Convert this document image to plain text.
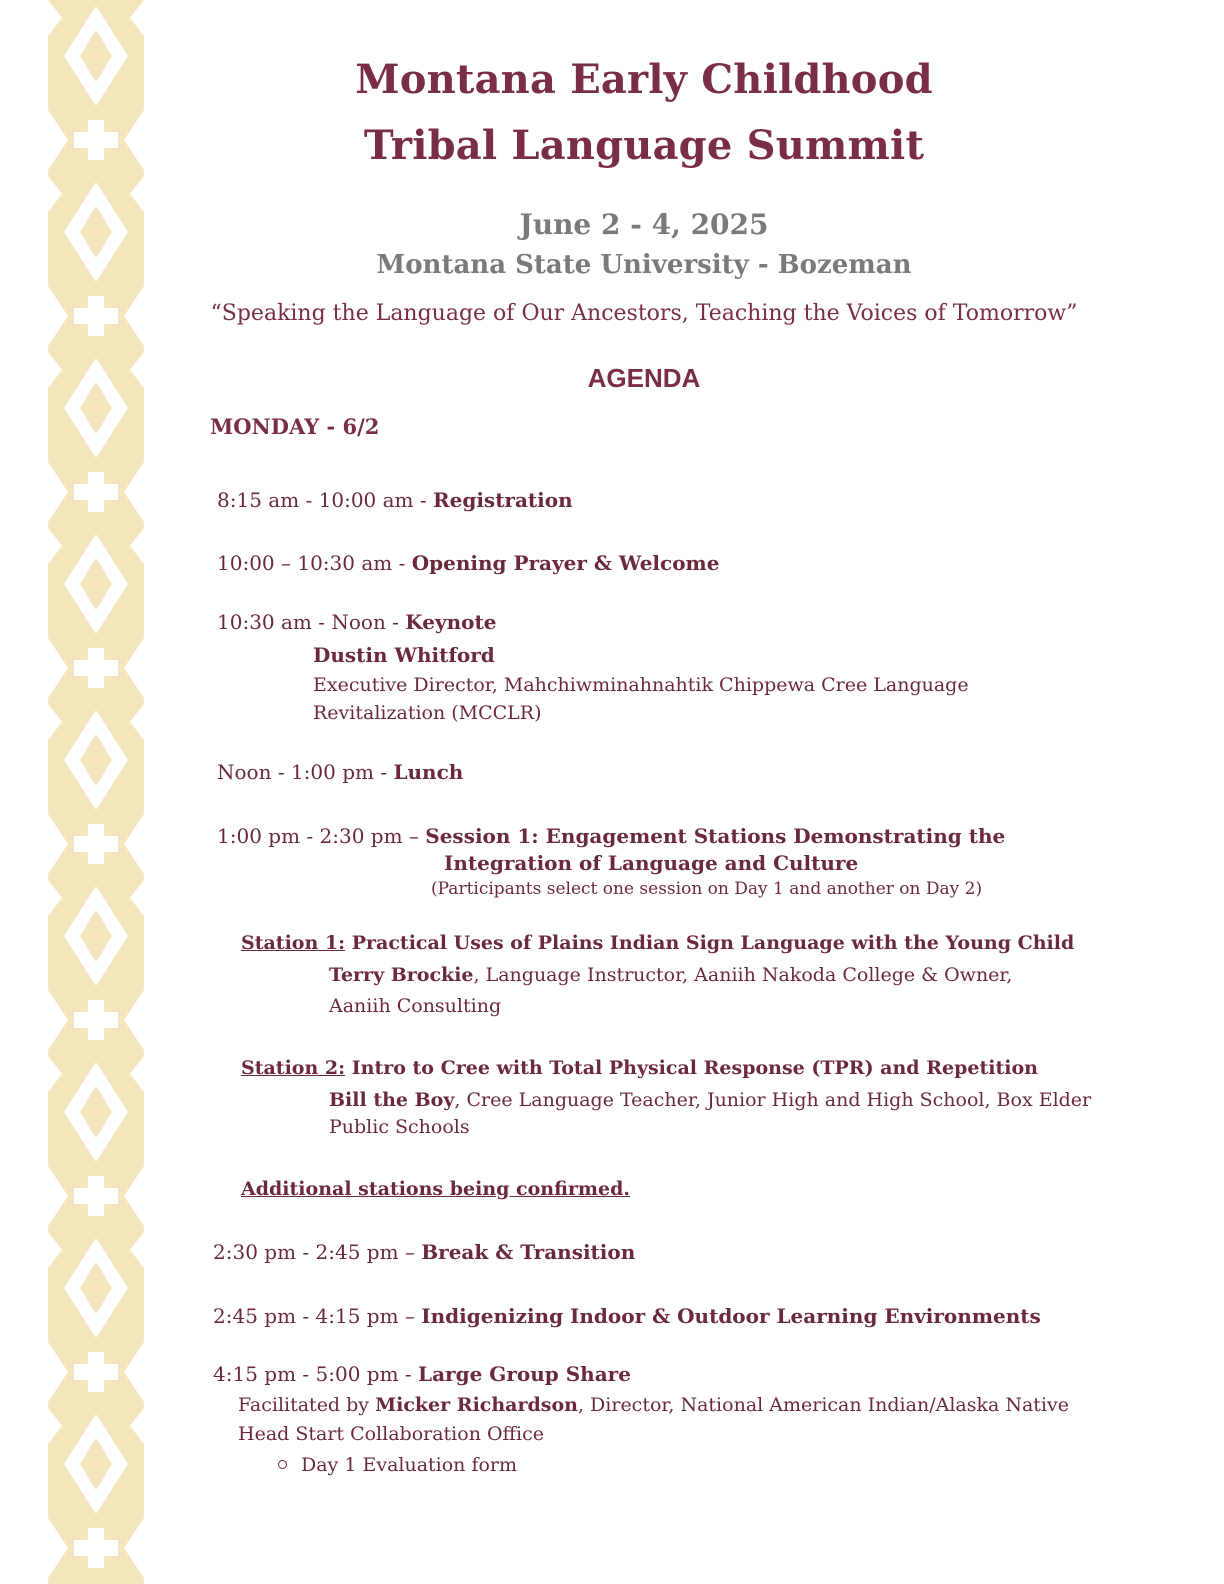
Montana Early Childhood
Tribal Language Summit
June 2 - 4, 2025
Montana State University - Bozeman
“Speaking the Language of Our Ancestors, Teaching the Voices of Tomorrow”
AGENDA
MONDAY - 6/2
8:15 am - 10:00 am - Registration
10:00 – 10:30 am - Opening Prayer & Welcome
10:30 am - Noon - Keynote
Dustin Whitford
Executive Director, Mahchiwminahnahtik Chippewa Cree Language
Revitalization (MCCLR)
Noon - 1:00 pm - Lunch
1:00 pm - 2:30 pm – Session 1: Engagement Stations Demonstrating the
Integration of Language and Culture
(Participants select one session on Day 1 and another on Day 2)
Station 1: Practical Uses of Plains Indian Sign Language with the Young Child
Terry Brockie, Language Instructor, Aaniih Nakoda College & Owner,
Aaniih Consulting
Station 2: Intro to Cree with Total Physical Response (TPR) and Repetition
Bill the Boy, Cree Language Teacher, Junior High and High School, Box Elder
Public Schools
Additional stations being confirmed.
2:30 pm - 2:45 pm – Break & Transition
2:45 pm - 4:15 pm – Indigenizing Indoor & Outdoor Learning Environments
4:15 pm - 5:00 pm - Large Group Share
Facilitated by Micker Richardson, Director, National American Indian/Alaska Native
Head Start Collaboration Office
Day 1 Evaluation form
